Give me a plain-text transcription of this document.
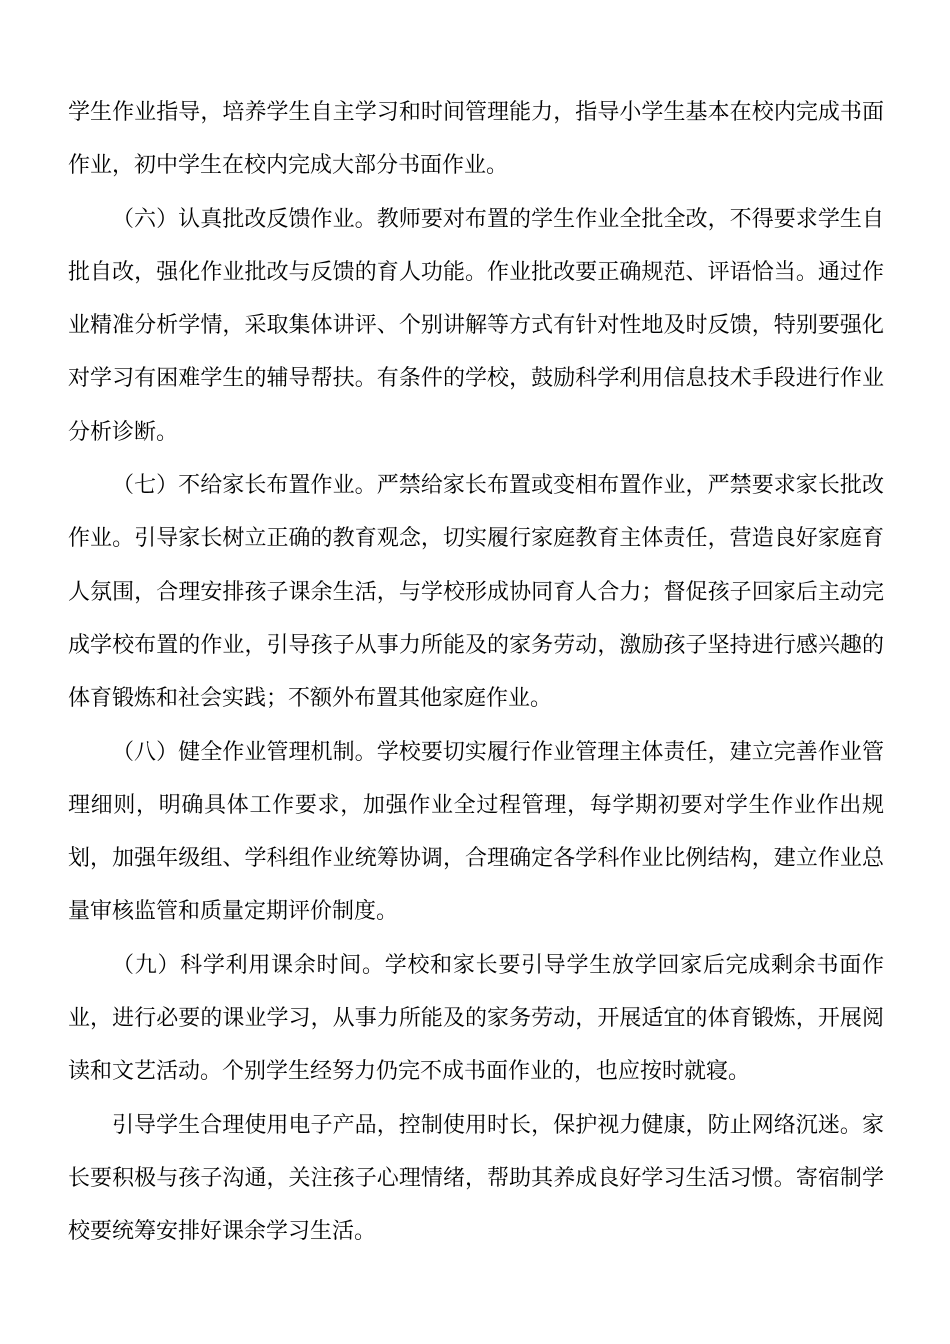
学生作业指导，培养学生自主学习和时间管理能力，指导小学生基本在校内完成书面作业，初中学生在校内完成大部分书面作业。

（六）认真批改反馈作业。教师要对布置的学生作业全批全改，不得要求学生自批自改，强化作业批改与反馈的育人功能。作业批改要正确规范、评语恰当。通过作业精准分析学情，采取集体讲评、个别讲解等方式有针对性地及时反馈，特别要强化对学习有困难学生的辅导帮扶。有条件的学校，鼓励科学利用信息技术手段进行作业分析诊断。

（七）不给家长布置作业。严禁给家长布置或变相布置作业，严禁要求家长批改作业。引导家长树立正确的教育观念，切实履行家庭教育主体责任，营造良好家庭育人氛围，合理安排孩子课余生活，与学校形成协同育人合力；督促孩子回家后主动完成学校布置的作业，引导孩子从事力所能及的家务劳动，激励孩子坚持进行感兴趣的体育锻炼和社会实践；不额外布置其他家庭作业。

（八）健全作业管理机制。学校要切实履行作业管理主体责任，建立完善作业管理细则，明确具体工作要求，加强作业全过程管理，每学期初要对学生作业作出规划，加强年级组、学科组作业统筹协调，合理确定各学科作业比例结构，建立作业总量审核监管和质量定期评价制度。

（九）科学利用课余时间。学校和家长要引导学生放学回家后完成剩余书面作业，进行必要的课业学习，从事力所能及的家务劳动，开展适宜的体育锻炼，开展阅读和文艺活动。个别学生经努力仍完不成书面作业的，也应按时就寝。

引导学生合理使用电子产品，控制使用时长，保护视力健康，防止网络沉迷。家长要积极与孩子沟通，关注孩子心理情绪，帮助其养成良好学习生活习惯。寄宿制学校要统筹安排好课余学习生活。
